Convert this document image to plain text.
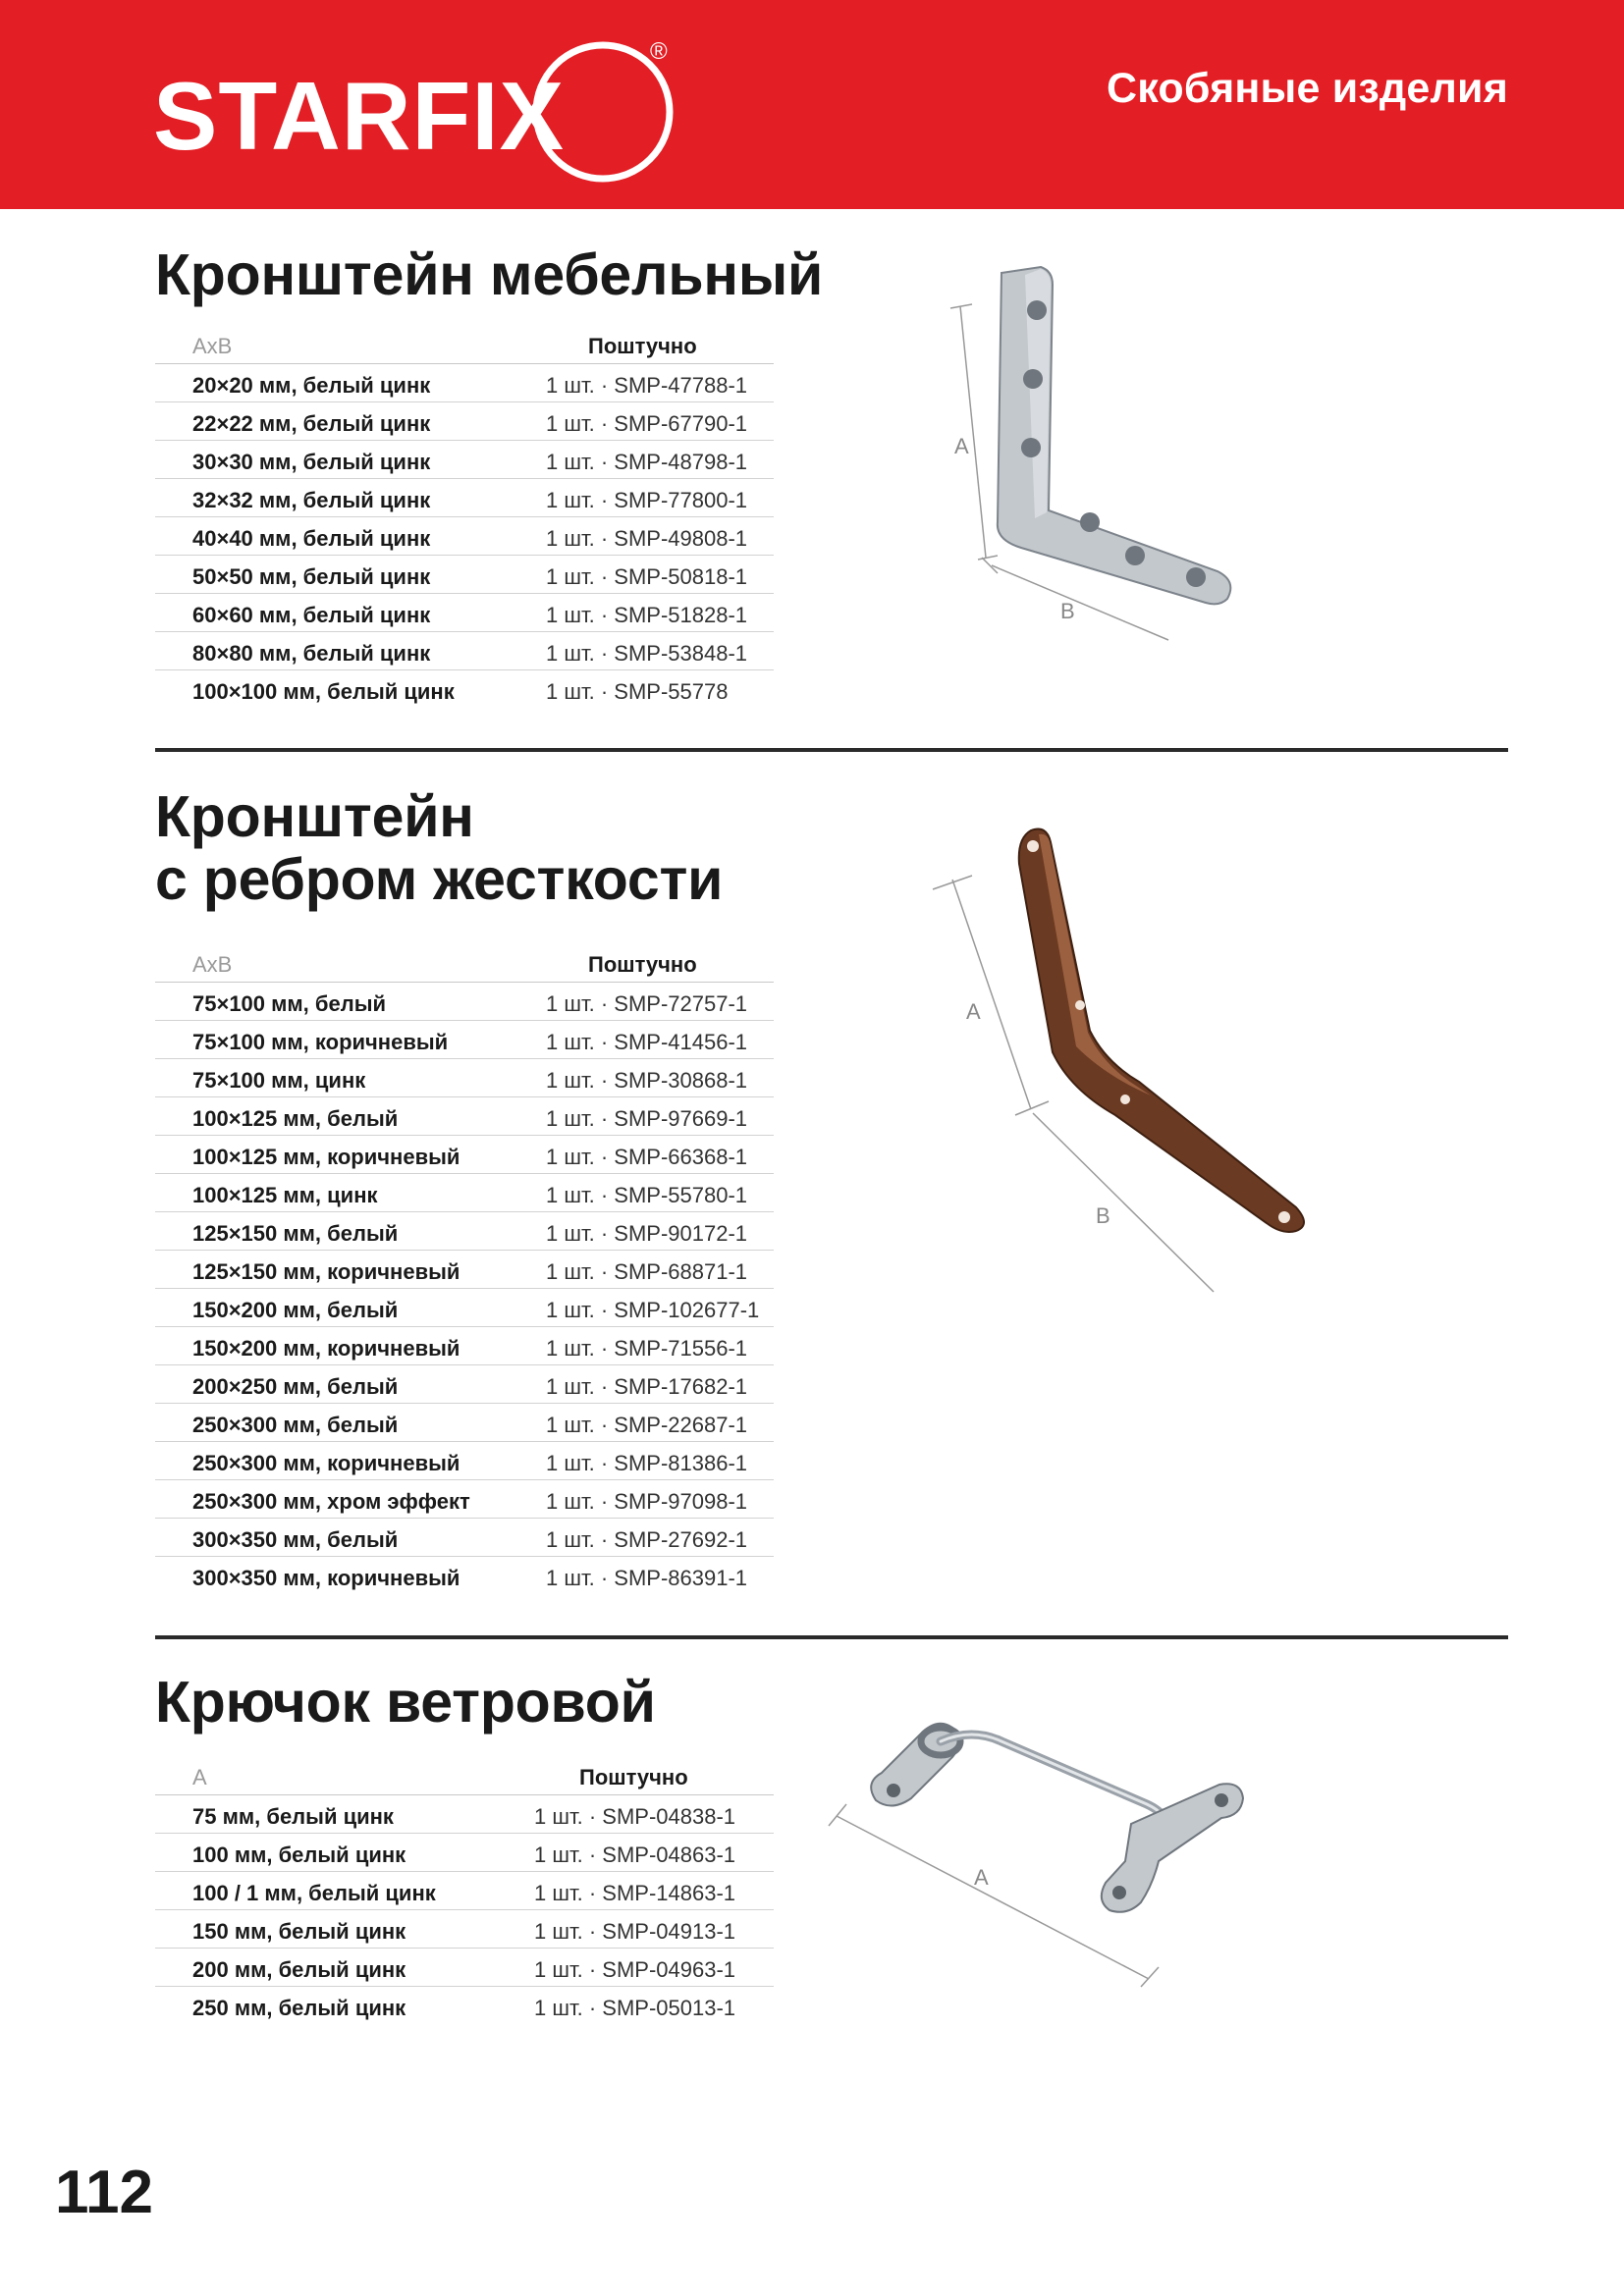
STARFIX
®
Скобяные изделия
Кронштейн мебельный
АхВ	Поштучно
20×20 мм, белый цинк	1 шт. · SMP-47788-1
22×22 мм, белый цинк	1 шт. · SMP-67790-1
30×30 мм, белый цинк	1 шт. · SMP-48798-1
32×32 мм, белый цинк	1 шт. · SMP-77800-1
40×40 мм, белый цинк	1 шт. · SMP-49808-1
50×50 мм, белый цинк	1 шт. · SMP-50818-1
60×60 мм, белый цинк	1 шт. · SMP-51828-1
80×80 мм, белый цинк	1 шт. · SMP-53848-1
100×100 мм, белый цинк	1 шт. · SMP-55778
A
B
Кронштейн
с ребром жесткости
АхВ	Поштучно
75×100 мм, белый	1 шт. · SMP-72757-1
75×100 мм, коричневый	1 шт. · SMP-41456-1
75×100 мм, цинк	1 шт. · SMP-30868-1
100×125 мм, белый	1 шт. · SMP-97669-1
100×125 мм, коричневый	1 шт. · SMP-66368-1
100×125 мм, цинк	1 шт. · SMP-55780-1
125×150 мм, белый	1 шт. · SMP-90172-1
125×150 мм, коричневый	1 шт. · SMP-68871-1
150×200 мм, белый	1 шт. · SMP-102677-1
150×200 мм, коричневый	1 шт. · SMP-71556-1
200×250 мм, белый	1 шт. · SMP-17682-1
250×300 мм, белый	1 шт. · SMP-22687-1
250×300 мм, коричневый	1 шт. · SMP-81386-1
250×300 мм, хром эффект	1 шт. · SMP-97098-1
300×350 мм, белый	1 шт. · SMP-27692-1
300×350 мм, коричневый	1 шт. · SMP-86391-1
A
B
Крючок ветровой
А	Поштучно
75 мм, белый цинк	1 шт. · SMP-04838-1
100 мм, белый цинк	1 шт. · SMP-04863-1
100 / 1 мм, белый цинк	1 шт. · SMP-14863-1
150 мм, белый цинк	1 шт. · SMP-04913-1
200 мм, белый цинк	1 шт. · SMP-04963-1
250 мм, белый цинк	1 шт. · SMP-05013-1
A
112
